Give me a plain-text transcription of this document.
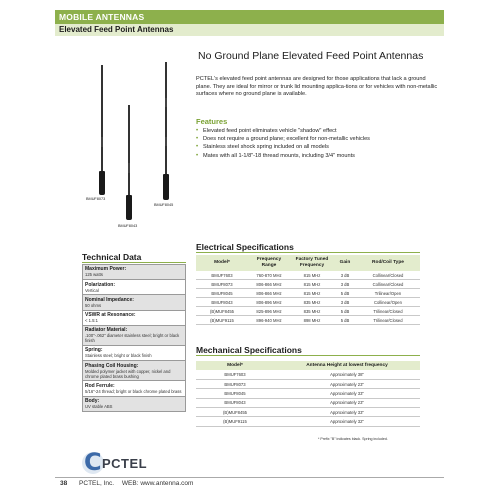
MOBILE ANTENNAS
Elevated Feed Point Antennas
No Ground Plane Elevated Feed Point Antennas

PCTEL's elevated feed point antennas are designed for those applications that lack a ground plane. They are ideal for mirror or trunk lid mounting applica-tions or for vehicles with non-metallic surfaces where no ground plane is available.

Features
• Elevated feed point eliminates vehicle "shadow" effect
• Does not require a ground plane; excellent for non-metallic vehicles
• Stainless steel shock spring included on all models
• Mates with all 1-1/8"-18 thread mounts, including 3/4" mounts
BMUF8073
BMUF8043
BMUF8045
Technical Data
Maximum Power:
125 watts
Polarization:
Vertical
Nominal Impedance:
50 ohms
VSWR at Resonance:
< 1.5:1
Radiator Material:
.100"-.062" diameter stainless steel; bright or black finish
Spring:
Stainless steel; bright or black finish
Phasing Coil Housing:
Molded polymer jacket with copper, nickel and chrome plated brass bushing
Rod Ferrule:
5/16"-24 thread; bright or black chrome plated brass
Body:
UV stable ABS
Electrical Specifications
Model*	Frequency Range	Factory Tuned Frequency	Gain	Rod/Coil Type
BMUF7603	760-870 MHz	815 MHz	3 dB	Collinear/Closed
BMUF8073	806-866 MHz	815 MHz	3 dB	Collinear/Closed
BMUF8045	806-866 MHz	815 MHz	5 dB	Trilinear/Open
BMUF8043	806-896 MHz	835 MHz	3 dB	Collinear/Open
(B)MUF8455	825-896 MHz	835 MHz	5 dB	Trilinear/Closed
(B)MUF9115	896-940 MHz	898 MHz	5 dB	Trilinear/Closed
Mechanical Specifications
Model*	Antenna Height at lowest frequency
BMUF7603	Approximately 38"
BMUF8073	Approximately 23"
BMUF8045	Approximately 33"
BMUF8043	Approximately 23"
(B)MUF8455	Approximately 33"
(B)MUF9115	Approximately 32"
* Prefix "B" indicates black. Spring included.
C PCTEL
38 PCTEL, Inc. WEB: www.antenna.com
